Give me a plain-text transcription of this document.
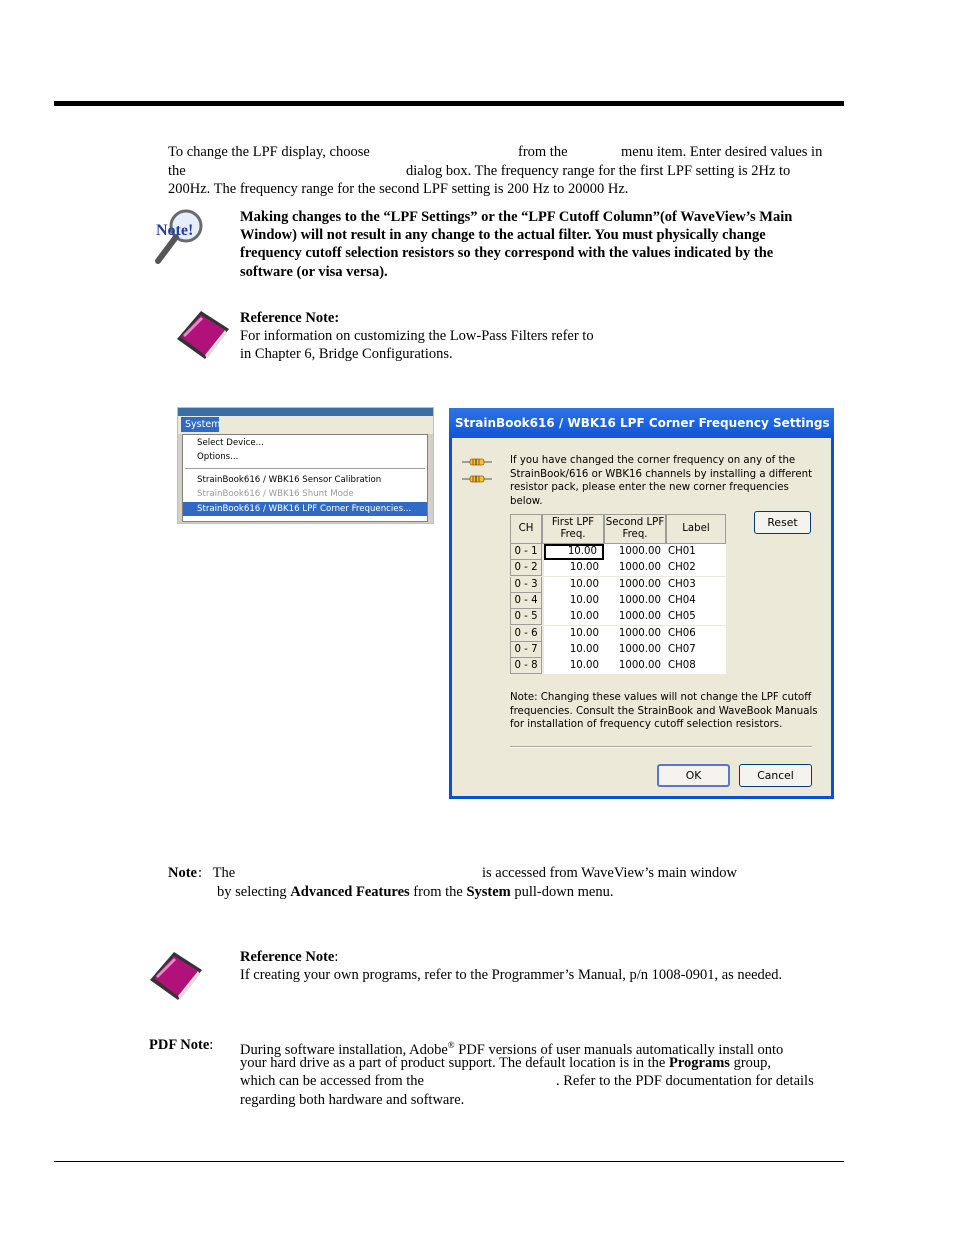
To change the LPF display, choose	from the	menu item. Enter desired values in
the	dialog box. The frequency range for the first LPF setting is 2Hz to
200Hz. The frequency range for the second LPF setting is 200 Hz to 20000 Hz.
Note!
Making changes to the “LPF Settings” or the “LPF Cutoff Column”(of WaveView’s Main
Window) will not result in any change to the actual filter. You must physically change
frequency cutoff selection resistors so they correspond with the values indicated by the
software (or visa versa).
Reference Note:
For information on customizing the Low-Pass Filters refer to
in Chapter 6, Bridge Configurations.
System
Select Device...
Options...
StrainBook616 / WBK16 Sensor Calibration
StrainBook616 / WBK16 Shunt Mode
StrainBook616 / WBK16 LPF Corner Frequencies...
StrainBook616 / WBK16 LPF Corner Frequency Settings
If you have changed the corner frequency on any of the StrainBook/616 or WBK16 channels by installing a different resistor pack, please enter the new corner frequencies below.
Reset
CH
First LPF Freq.
Second LPF Freq.
Label
0 - 1	10.00	1000.00 CH01
0 - 2	10.00	1000.00 CH02
0 - 3	10.00	1000.00 CH03
0 - 4	10.00	1000.00 CH04
0 - 5	10.00	1000.00 CH05
0 - 6	10.00	1000.00 CH06
0 - 7	10.00	1000.00 CH07
0 - 8	10.00	1000.00 CH08
Note: Changing these values will not change the LPF cutoff frequencies. Consult the StrainBook and WaveBook Manuals for installation of frequency cutoff selection resistors.
OK	Cancel
Note :   The	is accessed from WaveView’s main window
by selecting Advanced Features from the System pull-down menu.
Reference Note:
If creating your own programs, refer to the Programmer’s Manual, p/n 1008-0901, as needed.
PDF Note: During software installation, Adobe® PDF versions of user manuals automatically install onto
your hard drive as a part of product support. The default location is in the Programs group,
which can be accessed from the	. Refer to the PDF documentation for details
regarding both hardware and software.
